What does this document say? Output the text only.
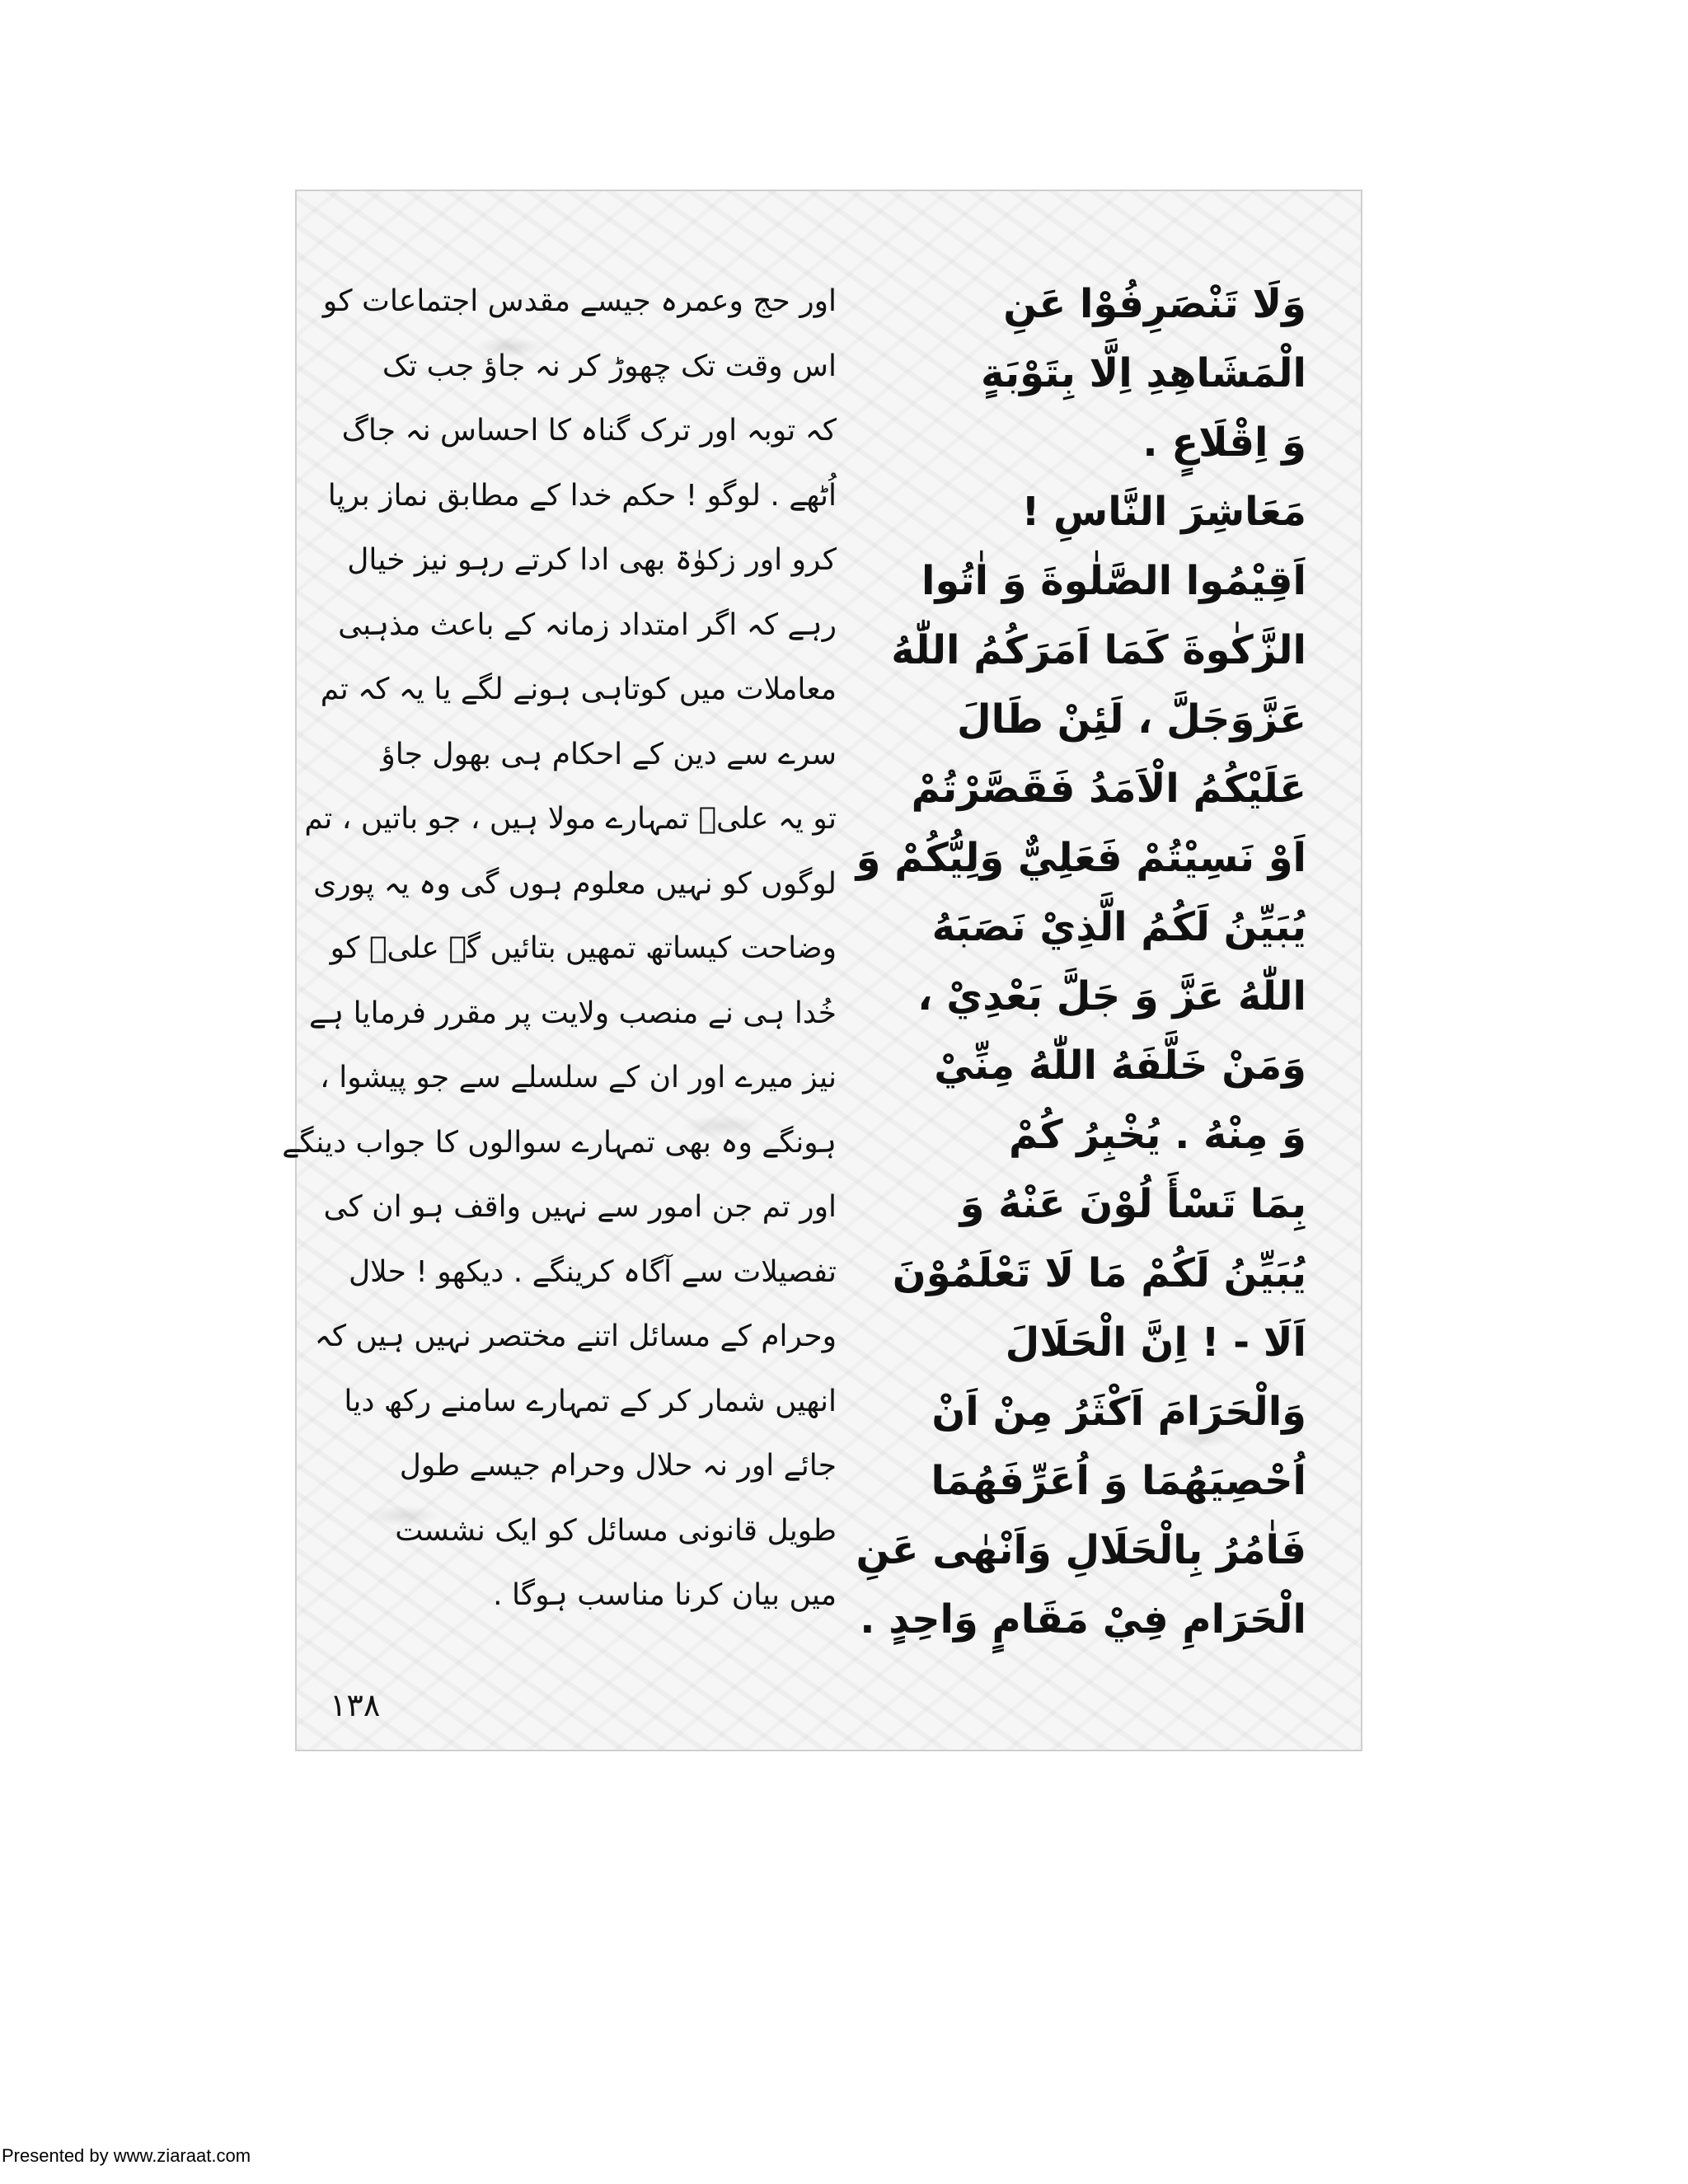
وَلَا تَنْصَرِفُوْا عَنِ
الْمَشَاهِدِ اِلَّا بِتَوْبَةٍ
وَ اِقْلَاعٍ .
مَعَاشِرَ النَّاسِ !
اَقِيْمُوا الصَّلٰوةَ وَ اٰتُوا
الزَّكٰوةَ كَمَا اَمَرَكُمُ اللّٰهُ
عَزَّوَجَلَّ ، لَئِنْ طَالَ
عَلَيْكُمُ الْاَمَدُ فَقَصَّرْتُمْ
اَوْ نَسِيْتُمْ فَعَلِيٌّ وَلِيُّكُمْ وَ
يُبَيِّنُ لَكُمُ الَّذِيْ نَصَبَهُ
اللّٰهُ عَزَّ وَ جَلَّ بَعْدِيْ ،
وَمَنْ خَلَّفَهُ اللّٰهُ مِنِّيْ
وَ مِنْهُ . يُخْبِرُ كُمْ
بِمَا تَسْأَ لُوْنَ عَنْهُ وَ
يُبَيِّنُ لَكُمْ مَا لَا تَعْلَمُوْنَ
اَلَا - ! اِنَّ الْحَلَالَ
وَالْحَرَامَ اَكْثَرُ مِنْ اَنْ
اُحْصِيَهُمَا وَ اُعَرِّفَهُمَا
فَاٰمُرُ بِالْحَلَالِ وَاَنْهٰى عَنِ
الْحَرَامِ فِيْ مَقَامٍ وَاحِدٍ .
اور حج وعمرہ جیسے مقدس اجتماعات کو
اس وقت تک چھوڑ کر نہ جاؤ جب تک
کہ توبہ اور ترک گناہ کا احساس نہ جاگ
اُٹھے . لوگو ! حکم خدا کے مطابق نماز برپا
کرو اور زکوٰۃ بھی ادا کرتے رہو نیز خیال
رہے کہ اگر امتداد زمانہ کے باعث مذہبی
معاملات میں کوتاہی ہونے لگے یا یہ کہ تم
سرے سے دین کے احکام ہی بھول جاؤ
تو یہ علیؑ تمہارے مولا ہیں ، جو باتیں ، تم
لوگوں کو نہیں معلوم ہوں گی وہ یہ پوری
وضاحت کیساتھ تمھیں بتائیں گے علیؑ کو
خُدا ہی نے منصب ولایت پر مقرر فرمایا ہے
نیز میرے اور ان کے سلسلے سے جو پیشوا ،
ہونگے وہ بھی تمہارے سوالوں کا جواب دینگے
اور تم جن امور سے نہیں واقف ہو ان کی
تفصیلات سے آگاہ کرینگے . دیکھو ! حلال
وحرام کے مسائل اتنے مختصر نہیں ہیں کہ
انھیں شمار کر کے تمہارے سامنے رکھ دیا
جائے اور نہ حلال وحرام جیسے طول
طویل قانونی مسائل کو ایک نشست
میں بیان کرنا مناسب ہوگا .
۱۳۸
Presented by www.ziaraat.com
